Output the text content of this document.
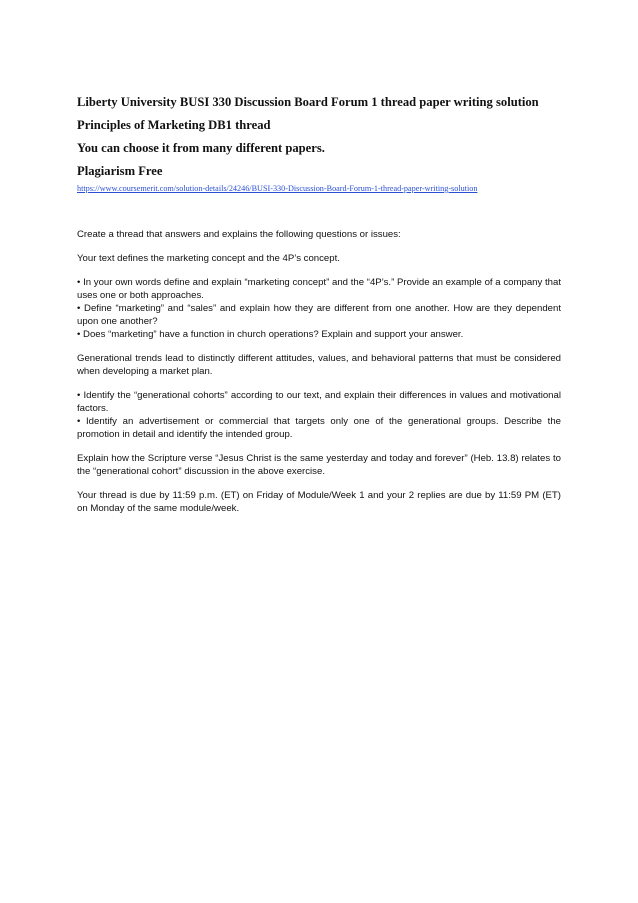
Liberty University BUSI 330 Discussion Board Forum 1 thread paper writing solution
Principles of Marketing DB1 thread
You can choose it from many different papers.
Plagiarism Free
https://www.coursemerit.com/solution-details/24246/BUSI-330-Discussion-Board-Forum-1-thread-paper-writing-solution

Create a thread that answers and explains the following questions or issues:

Your text defines the marketing concept and the 4P’s concept.

• In your own words define and explain “marketing concept” and the “4P’s.” Provide an example of a company that uses one or both approaches.

• Define “marketing” and “sales” and explain how they are different from one another. How are they dependent upon one another?

• Does “marketing” have a function in church operations? Explain and support your answer.

Generational trends lead to distinctly different attitudes, values, and behavioral patterns that must be considered when developing a market plan.

• Identify the “generational cohorts” according to our text, and explain their differences in values and motivational factors.

• Identify an advertisement or commercial that targets only one of the generational groups. Describe the promotion in detail and identify the intended group.

Explain how the Scripture verse “Jesus Christ is the same yesterday and today and forever” (Heb. 13.8) relates to the “generational cohort” discussion in the above exercise.

Your thread is due by 11:59 p.m. (ET) on Friday of Module/Week 1 and your 2 replies are due by 11:59 PM (ET) on Monday of the same module/week.
